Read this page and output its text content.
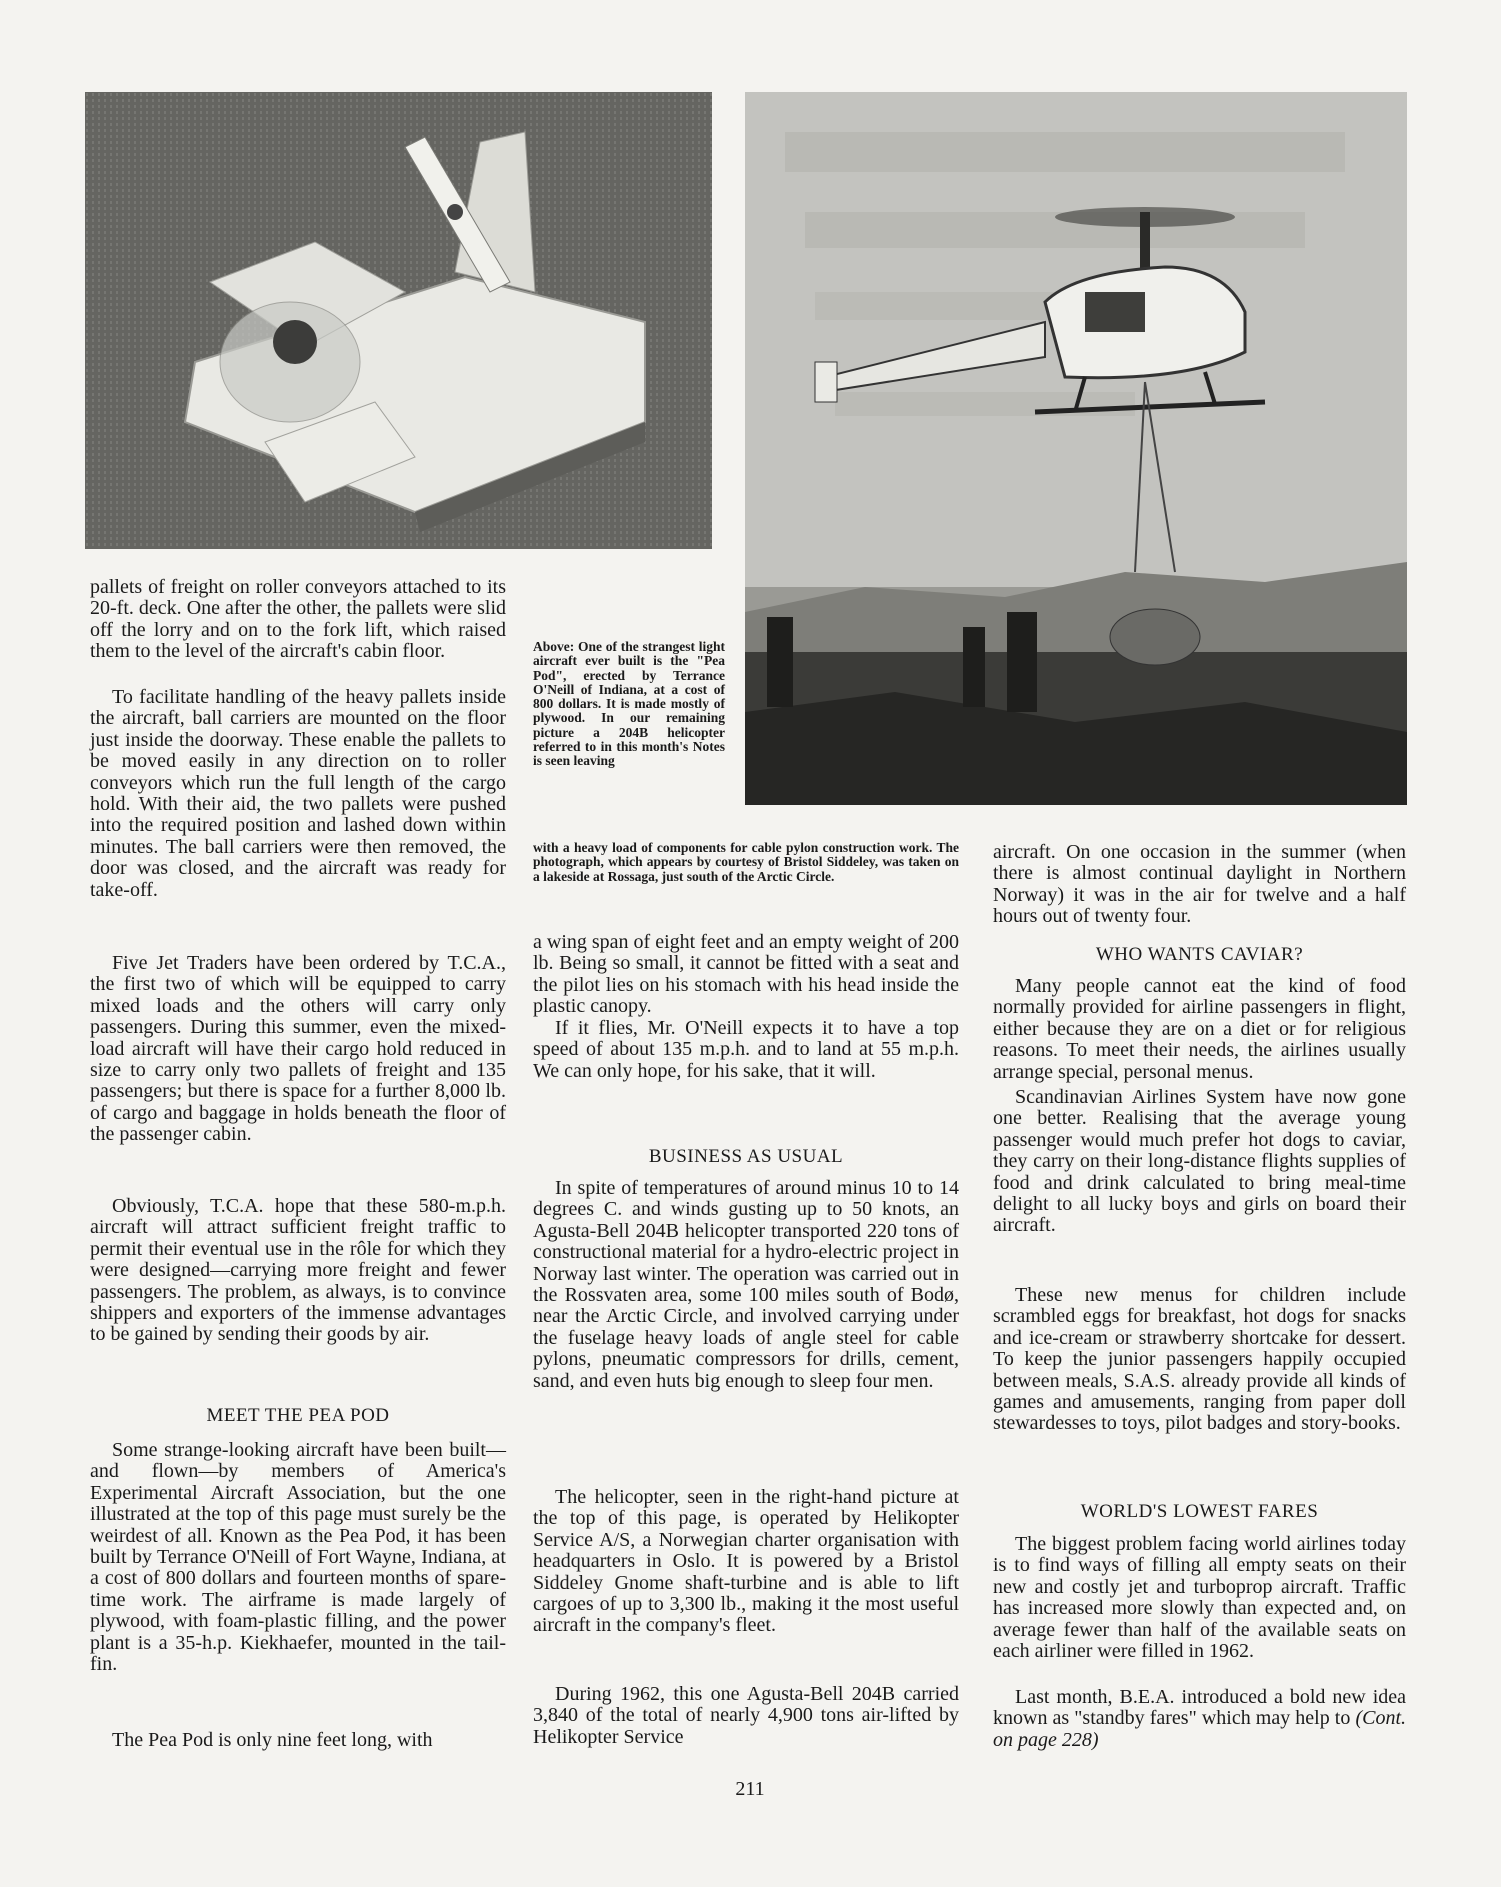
Above: One of the strangest light aircraft ever built is the "Pea Pod", erected by Terrance O'Neill of Indiana, at a cost of 800 dollars. It is made mostly of plywood. In our remaining picture a 204B helicopter referred to in this month's Notes is seen leaving

with a heavy load of components for cable pylon construction work. The photograph, which appears by courtesy of Bristol Siddeley, was taken on a lakeside at Rossaga, just south of the Arctic Circle.

pallets of freight on roller conveyors attached to its 20-ft. deck. One after the other, the pallets were slid off the lorry and on to the fork lift, which raised them to the level of the aircraft's cabin floor.

To facilitate handling of the heavy pallets inside the aircraft, ball carriers are mounted on the floor just inside the doorway. These enable the pallets to be moved easily in any direction on to roller conveyors which run the full length of the cargo hold. With their aid, the two pallets were pushed into the required position and lashed down within minutes. The ball carriers were then removed, the door was closed, and the aircraft was ready for take-off.

Five Jet Traders have been ordered by T.C.A., the first two of which will be equipped to carry mixed loads and the others will carry only passengers. During this summer, even the mixed-load aircraft will have their cargo hold reduced in size to carry only two pallets of freight and 135 passengers; but there is space for a further 8,000 lb. of cargo and baggage in holds beneath the floor of the passenger cabin.

Obviously, T.C.A. hope that these 580-m.p.h. aircraft will attract sufficient freight traffic to permit their eventual use in the rôle for which they were designed—carrying more freight and fewer passengers. The problem, as always, is to convince shippers and exporters of the immense advantages to be gained by sending their goods by air.

MEET THE PEA POD

Some strange-looking aircraft have been built—and flown—by members of America's Experimental Aircraft Association, but the one illustrated at the top of this page must surely be the weirdest of all. Known as the Pea Pod, it has been built by Terrance O'Neill of Fort Wayne, Indiana, at a cost of 800 dollars and fourteen months of spare-time work. The airframe is made largely of plywood, with foam-plastic filling, and the power plant is a 35-h.p. Kiekhaefer, mounted in the tail-fin.

The Pea Pod is only nine feet long, with

a wing span of eight feet and an empty weight of 200 lb. Being so small, it cannot be fitted with a seat and the pilot lies on his stomach with his head inside the plastic canopy.

If it flies, Mr. O'Neill expects it to have a top speed of about 135 m.p.h. and to land at 55 m.p.h. We can only hope, for his sake, that it will.

BUSINESS AS USUAL

In spite of temperatures of around minus 10 to 14 degrees C. and winds gusting up to 50 knots, an Agusta-Bell 204B helicopter transported 220 tons of constructional material for a hydro-electric project in Norway last winter. The operation was carried out in the Rossvaten area, some 100 miles south of Bodø, near the Arctic Circle, and involved carrying under the fuselage heavy loads of angle steel for cable pylons, pneumatic compressors for drills, cement, sand, and even huts big enough to sleep four men.

The helicopter, seen in the right-hand picture at the top of this page, is operated by Helikopter Service A/S, a Norwegian charter organisation with headquarters in Oslo. It is powered by a Bristol Siddeley Gnome shaft-turbine and is able to lift cargoes of up to 3,300 lb., making it the most useful aircraft in the company's fleet.

During 1962, this one Agusta-Bell 204B carried 3,840 of the total of nearly 4,900 tons air-lifted by Helikopter Service

aircraft. On one occasion in the summer (when there is almost continual daylight in Northern Norway) it was in the air for twelve and a half hours out of twenty four.

WHO WANTS CAVIAR?

Many people cannot eat the kind of food normally provided for airline passengers in flight, either because they are on a diet or for religious reasons. To meet their needs, the airlines usually arrange special, personal menus.

Scandinavian Airlines System have now gone one better. Realising that the average young passenger would much prefer hot dogs to caviar, they carry on their long-distance flights supplies of food and drink calculated to bring meal-time delight to all lucky boys and girls on board their aircraft.

These new menus for children include scrambled eggs for breakfast, hot dogs for snacks and ice-cream or strawberry shortcake for dessert. To keep the junior passengers happily occupied between meals, S.A.S. already provide all kinds of games and amusements, ranging from paper doll stewardesses to toys, pilot badges and story-books.

WORLD'S LOWEST FARES

The biggest problem facing world airlines today is to find ways of filling all empty seats on their new and costly jet and turboprop aircraft. Traffic has increased more slowly than expected and, on average fewer than half of the available seats on each airliner were filled in 1962.

Last month, B.E.A. introduced a bold new idea known as "standby fares" which may help to (Cont. on page 228)

211
